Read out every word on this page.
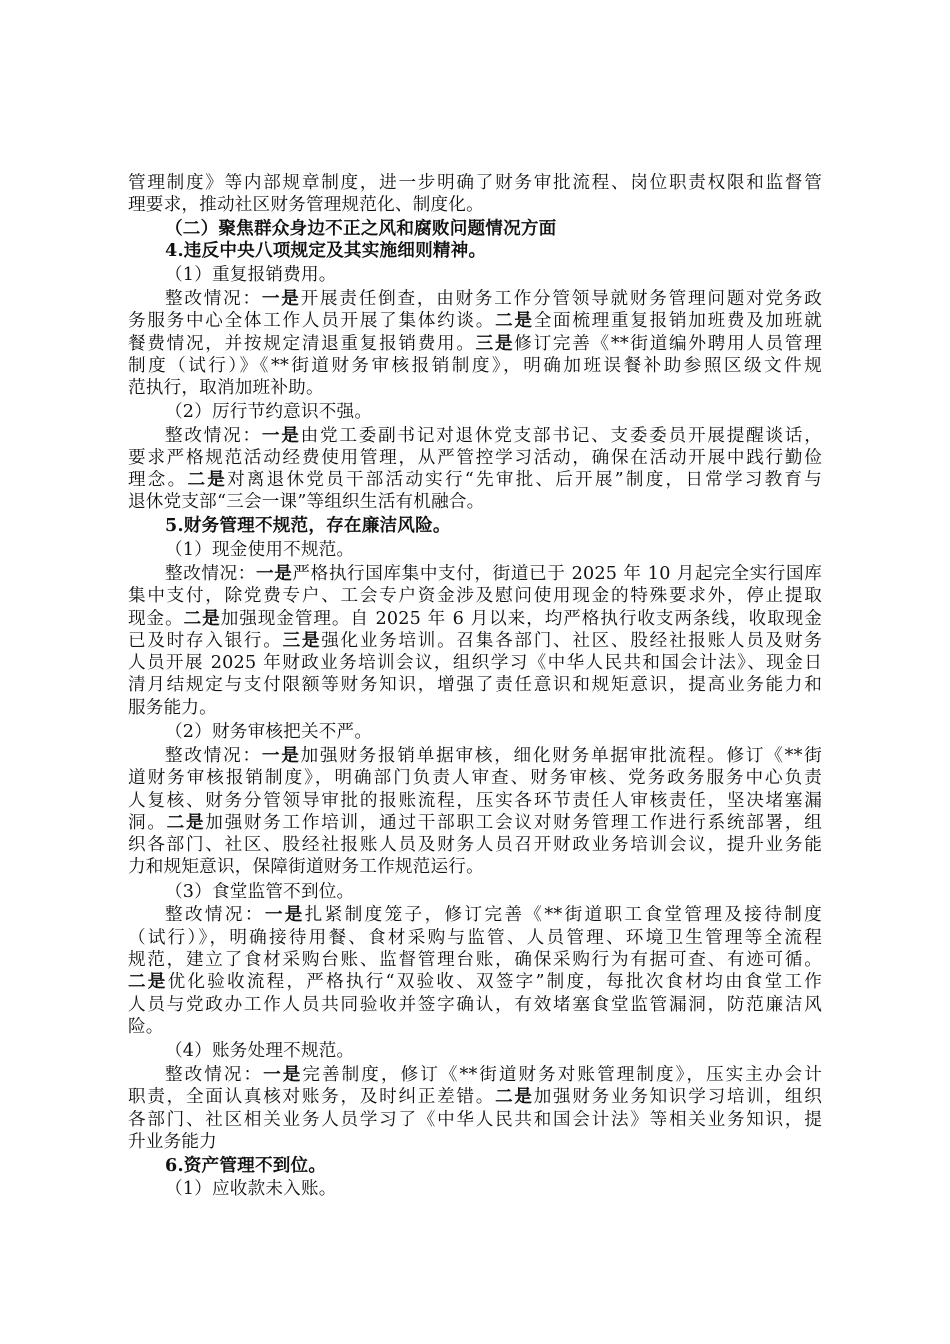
管理制度》等内部规章制度，进一步明确了财务审批流程、岗位职责权限和监督管
理要求，推动社区财务管理规范化、制度化。
（二）聚焦群众身边不正之风和腐败问题情况方面
4.违反中央八项规定及其实施细则精神。
（1）重复报销费用。
整改情况：一是开展责任倒查，由财务工作分管领导就财务管理问题对党务政
务服务中心全体工作人员开展了集体约谈。二是全面梳理重复报销加班费及加班就
餐费情况，并按规定清退重复报销费用。三是修订完善《**街道编外聘用人员管理
制度（试行）》《**街道财务审核报销制度》，明确加班误餐补助参照区级文件规
范执行，取消加班补助。
（2）厉行节约意识不强。
整改情况：一是由党工委副书记对退休党支部书记、支委委员开展提醒谈话，
要求严格规范活动经费使用管理，从严管控学习活动，确保在活动开展中践行勤俭
理念。二是对离退休党员干部活动实行“先审批、后开展”制度，日常学习教育与
退休党支部“三会一课”等组织生活有机融合。
5.财务管理不规范，存在廉洁风险。
（1）现金使用不规范。
整改情况：一是严格执行国库集中支付，街道已于 2025 年 10 月起完全实行国库
集中支付，除党费专户、工会专户资金涉及慰问使用现金的特殊要求外，停止提取
现金。二是加强现金管理。自 2025 年 6 月以来，均严格执行收支两条线，收取现金
已及时存入银行。三是强化业务培训。召集各部门、社区、股经社报账人员及财务
人员开展 2025 年财政业务培训会议，组织学习《中华人民共和国会计法》、现金日
清月结规定与支付限额等财务知识，增强了责任意识和规矩意识，提高业务能力和
服务能力。
（2）财务审核把关不严。
整改情况：一是加强财务报销单据审核，细化财务单据审批流程。修订《**街
道财务审核报销制度》，明确部门负责人审查、财务审核、党务政务服务中心负责
人复核、财务分管领导审批的报账流程，压实各环节责任人审核责任，坚决堵塞漏
洞。二是加强财务工作培训，通过干部职工会议对财务管理工作进行系统部署，组
织各部门、社区、股经社报账人员及财务人员召开财政业务培训会议，提升业务能
力和规矩意识，保障街道财务工作规范运行。
（3）食堂监管不到位。
整改情况：一是扎紧制度笼子，修订完善《**街道职工食堂管理及接待制度
（试行）》，明确接待用餐、食材采购与监管、人员管理、环境卫生管理等全流程
规范，建立了食材采购台账、监督管理台账，确保采购行为有据可查、有迹可循。
二是优化验收流程，严格执行“双验收、双签字”制度，每批次食材均由食堂工作
人员与党政办工作人员共同验收并签字确认，有效堵塞食堂监管漏洞，防范廉洁风
险。
（4）账务处理不规范。
整改情况：一是完善制度，修订《**街道财务对账管理制度》，压实主办会计
职责，全面认真核对账务，及时纠正差错。二是加强财务业务知识学习培训，组织
各部门、社区相关业务人员学习了《中华人民共和国会计法》等相关业务知识，提
升业务能力
6.资产管理不到位。
（1）应收款未入账。
